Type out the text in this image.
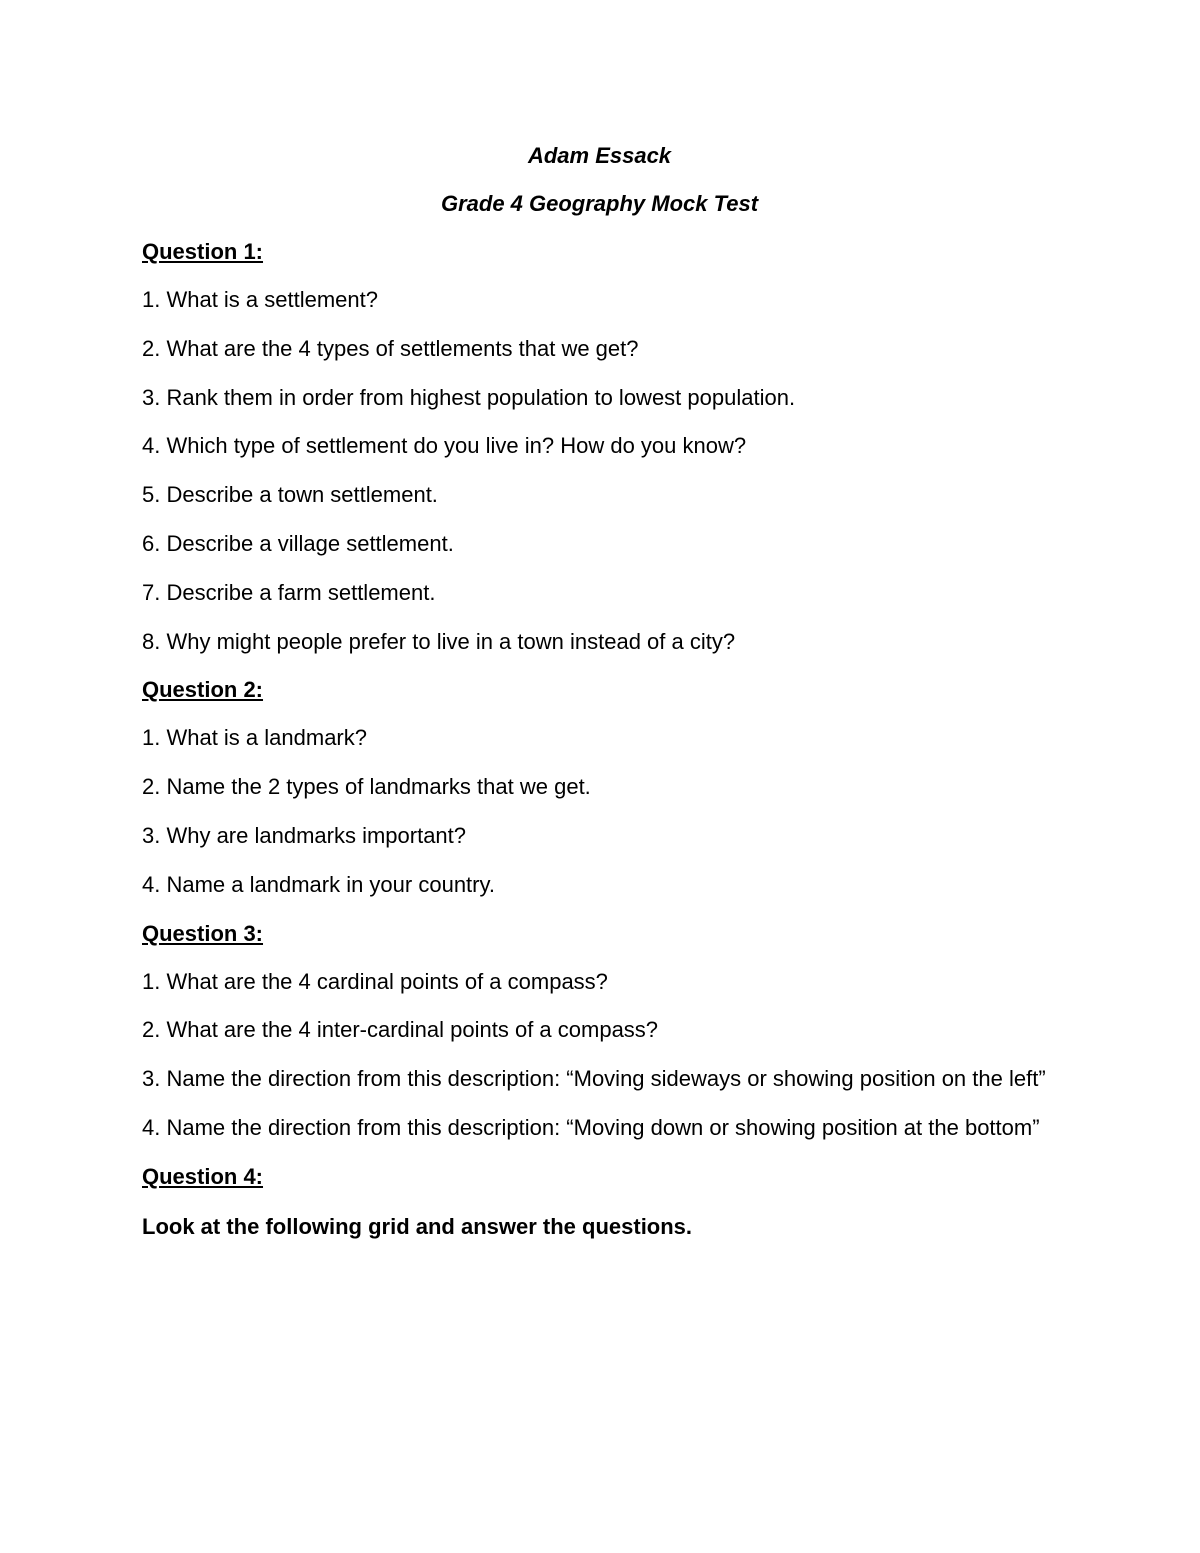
Adam Essack

Grade 4 Geography Mock Test

Question 1:

1. What is a settlement?

2. What are the 4 types of settlements that we get?

3. Rank them in order from highest population to lowest population.

4. Which type of settlement do you live in? How do you know?

5. Describe a town settlement.

6. Describe a village settlement.

7. Describe a farm settlement.

8. Why might people prefer to live in a town instead of a city?

Question 2:

1. What is a landmark?

2. Name the 2 types of landmarks that we get.

3. Why are landmarks important?

4. Name a landmark in your country.

Question 3:

1. What are the 4 cardinal points of a compass?

2. What are the 4 inter-cardinal points of a compass?

3. Name the direction from this description: “Moving sideways or showing position on the left”

4. Name the direction from this description: “Moving down or showing position at the bottom”

Question 4:

Look at the following grid and answer the questions.
